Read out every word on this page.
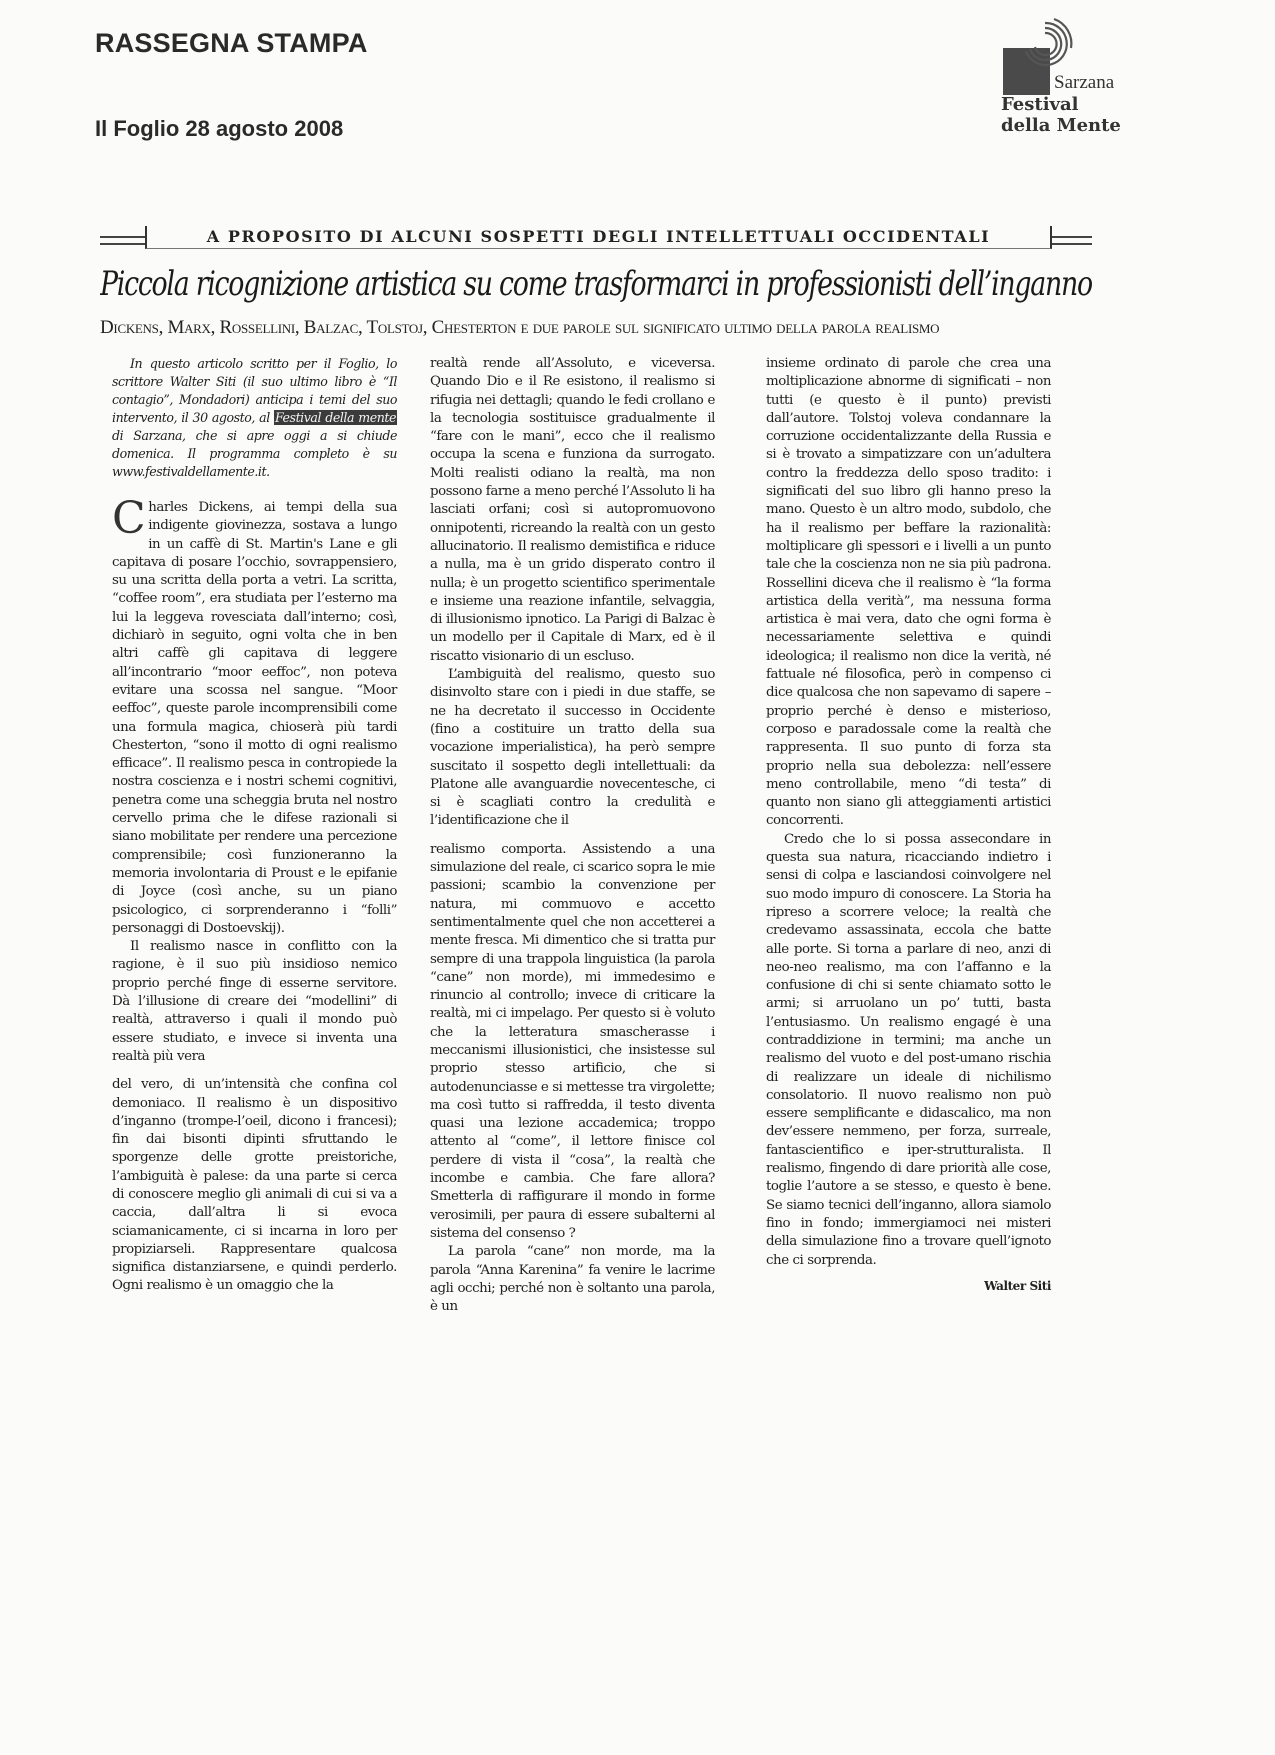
RASSEGNA STAMPA
Il Foglio 28 agosto 2008
Sarzana
Festival
della Mente
A PROPOSITO DI ALCUNI SOSPETTI DEGLI INTELLETTUALI OCCIDENTALI
Piccola ricognizione artistica su come trasformarci in professionisti dell’inganno
Dickens, Marx, Rossellini, Balzac, Tolstoj, Chesterton e due parole sul significato ultimo della parola realismo
In questo articolo scritto per il Foglio, lo scrittore Walter Siti (il suo ultimo libro è “Il contagio”, Mondadori) anticipa i temi del suo intervento, il 30 agosto, al Festival della mente di Sarzana, che si apre oggi a si chiude domenica. Il programma completo è su www.festivaldellamente.it.

Charles Dickens, ai tempi della sua indigente giovinezza, sostava a lungo in un caffè di St. Martin's Lane e gli capitava di posare l’occhio, sovrappensiero, su una scritta della porta a vetri. La scritta, “coffee room”, era studiata per l’esterno ma lui la leggeva rovesciata dall’interno; così, dichiarò in seguito, ogni volta che in ben altri caffè gli capitava di leggere all’incontrario “moor eeffoc”, non poteva evitare una scossa nel sangue. “Moor eeffoc”, queste parole incomprensibili come una formula magica, chioserà più tardi Chesterton, “sono il motto di ogni realismo efficace”. Il realismo pesca in contropiede la nostra coscienza e i nostri schemi cognitivi, penetra come una scheggia bruta nel nostro cervello prima che le difese razionali si siano mobilitate per rendere una percezione comprensibile; così funzioneranno la memoria involontaria di Proust e le epifanie di Joyce (così anche, su un piano psicologico, ci sorprenderanno i “folli” personaggi di Dostoevskij).

Il realismo nasce in conflitto con la ragione, è il suo più insidioso nemico proprio perché finge di esserne servitore. Dà l’illusione di creare dei “modellini” di realtà, attraverso i quali il mondo può essere studiato, e invece si inventa una realtà più vera

del vero, di un’intensità che confina col demoniaco. Il realismo è un dispositivo d’inganno (trompe-l’oeil, dicono i francesi); fin dai bisonti dipinti sfruttando le sporgenze delle grotte preistoriche, l’ambiguità è palese: da una parte si cerca di conoscere meglio gli animali di cui si va a caccia, dall’altra li si evoca sciamanicamente, ci si incarna in loro per propiziarseli. Rappresentare qualcosa significa distanziarsene, e quindi perderlo. Ogni realismo è un omaggio che la

realtà rende all’Assoluto, e viceversa. Quando Dio e il Re esistono, il realismo si rifugia nei dettagli; quando le fedi crollano e la tecnologia sostituisce gradualmente il “fare con le mani”, ecco che il realismo occupa la scena e funziona da surrogato. Molti realisti odiano la realtà, ma non possono farne a meno perché l’Assoluto li ha lasciati orfani; così si autopromuovono onnipotenti, ricreando la realtà con un gesto allucinatorio. Il realismo demistifica e riduce a nulla, ma è un grido disperato contro il nulla; è un progetto scientifico sperimentale e insieme una reazione infantile, selvaggia, di illusionismo ipnotico. La Parigi di Balzac è un modello per il Capitale di Marx, ed è il riscatto visionario di un escluso.

L’ambiguità del realismo, questo suo disinvolto stare con i piedi in due staffe, se ne ha decretato il successo in Occidente (fino a costituire un tratto della sua vocazione imperialistica), ha però sempre suscitato il sospetto degli intellettuali: da Platone alle avanguardie novecentesche, ci si è scagliati contro la credulità e l’identificazione che il

realismo comporta. Assistendo a una simulazione del reale, ci scarico sopra le mie passioni; scambio la convenzione per natura, mi commuovo e accetto sentimentalmente quel che non accetterei a mente fresca. Mi dimentico che si tratta pur sempre di una trappola linguistica (la parola “cane” non morde), mi immedesimo e rinuncio al controllo; invece di criticare la realtà, mi ci impelago. Per questo si è voluto che la letteratura smascherasse i meccanismi illusionistici, che insistesse sul proprio stesso artificio, che si autodenunciasse e si mettesse tra virgolette; ma così tutto si raffredda, il testo diventa quasi una lezione accademica; troppo attento al “come”, il lettore finisce col perdere di vista il “cosa”, la realtà che incombe e cambia. Che fare allora? Smetterla di raffigurare il mondo in forme verosimili, per paura di essere subalterni al sistema del consenso ?

La parola “cane” non morde, ma la parola “Anna Karenina” fa venire le lacrime agli occhi; perché non è soltanto una parola, è un

insieme ordinato di parole che crea una moltiplicazione abnorme di significati – non tutti (e questo è il punto) previsti dall’autore. Tolstoj voleva condannare la corruzione occidentalizzante della Russia e si è trovato a simpatizzare con un’adultera contro la freddezza dello sposo tradito: i significati del suo libro gli hanno preso la mano. Questo è un altro modo, subdolo, che ha il realismo per beffare la razionalità: moltiplicare gli spessori e i livelli a un punto tale che la coscienza non ne sia più padrona. Rossellini diceva che il realismo è “la forma artistica della verità”, ma nessuna forma artistica è mai vera, dato che ogni forma è necessariamente selettiva e quindi ideologica; il realismo non dice la verità, né fattuale né filosofica, però in compenso ci dice qualcosa che non sapevamo di sapere – proprio perché è denso e misterioso, corposo e paradossale come la realtà che rappresenta. Il suo punto di forza sta proprio nella sua debolezza: nell’essere meno controllabile, meno “di testa” di quanto non siano gli atteggiamenti artistici concorrenti.

Credo che lo si possa assecondare in questa sua natura, ricacciando indietro i sensi di colpa e lasciandosi coinvolgere nel suo modo impuro di conoscere. La Storia ha ripreso a scorrere veloce; la realtà che credevamo assassinata, eccola che batte alle porte. Si torna a parlare di neo, anzi di neo-neo realismo, ma con l’affanno e la confusione di chi si sente chiamato sotto le armi; si arruolano un po’ tutti, basta l’entusiasmo. Un realismo engagé è una contraddizione in termini; ma anche un realismo del vuoto e del post-umano rischia di realizzare un ideale di nichilismo consolatorio. Il nuovo realismo non può essere semplificante e didascalico, ma non dev’essere nemmeno, per forza, surreale, fantascientifico e iper-strutturalista. Il realismo, fingendo di dare priorità alle cose, toglie l’autore a se stesso, e questo è bene. Se siamo tecnici dell’inganno, allora siamolo fino in fondo; immergiamoci nei misteri della simulazione fino a trovare quell’ignoto che ci sorprenda.

Walter Siti
